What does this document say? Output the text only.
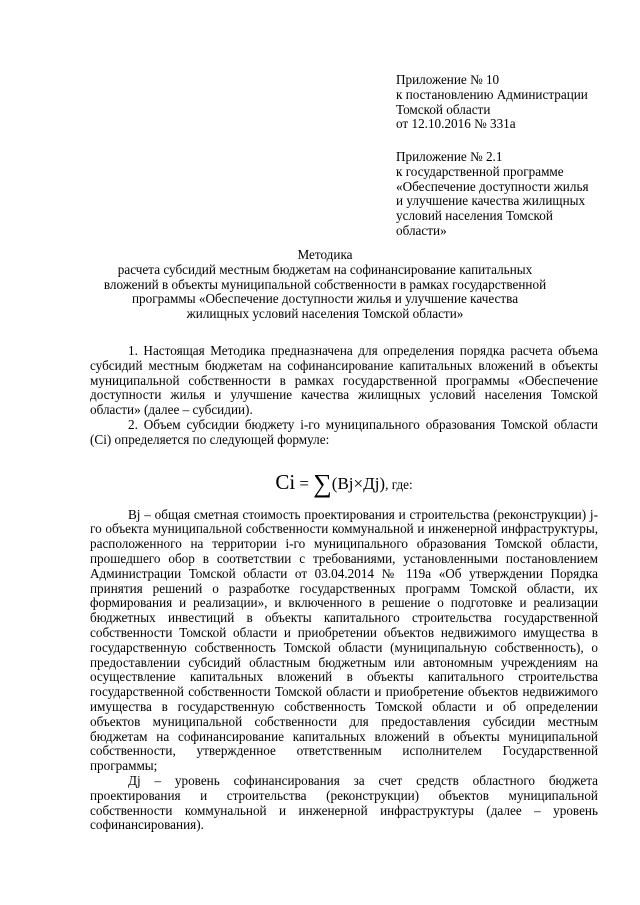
Приложение № 10
к постановлению Администрации
Томской области
от 12.10.2016 № 331а
Приложение № 2.1
к государственной программе
«Обеспечение доступности жилья
и улучшение качества жилищных
условий населения Томской
области»
Методика
расчета субсидий местным бюджетам на софинансирование капитальных
вложений в объекты муниципальной собственности в рамках государственной
программы «Обеспечение доступности жилья и улучшение качества
жилищных условий населения Томской области»

1. Настоящая Методика предназначена для определения порядка расчета объема субсидий местным бюджетам на софинансирование капитальных вложений в объекты муниципальной собственности в рамках государственной программы «Обеспечение доступности жилья и улучшение качества жилищных условий населения Томской области» (далее – субсидии).

2. Объем субсидии бюджету i-го муниципального образования Томской области (Ci) определяется по следующей формуле:

Ci = ∑(Bj×Дj), где:

Bj – общая сметная стоимость проектирования и строительства (реконструкции) j-го объекта муниципальной собственности коммунальной и инженерной инфраструктуры, расположенного на территории i-го муниципального образования Томской области, прошедшего обор в соответствии с требованиями, установленными постановлением Администрации Томской области от 03.04.2014 № 119а «Об утверждении Порядка принятия решений о разработке государственных программ Томской области, их формирования и реализации», и включенного в решение о подготовке и реализации бюджетных инвестиций в объекты капитального строительства государственной собственности Томской области и приобретении объектов недвижимого имущества в государственную собственность Томской области (муниципальную собственность), о предоставлении субсидий областным бюджетным или автономным учреждениям на осуществление капитальных вложений в объекты капитального строительства государственной собственности Томской области и приобретение объектов недвижимого имущества в государственную собственность Томской области и об определении объектов муниципальной собственности для предоставления субсидии местным бюджетам на софинансирование капитальных вложений в объекты муниципальной собственности, утвержденное ответственным исполнителем Государственной программы;

Дj – уровень софинансирования за счет средств областного бюджета проектирования и строительства (реконструкции) объектов муниципальной собственности коммунальной и инженерной инфраструктуры (далее – уровень софинансирования).
